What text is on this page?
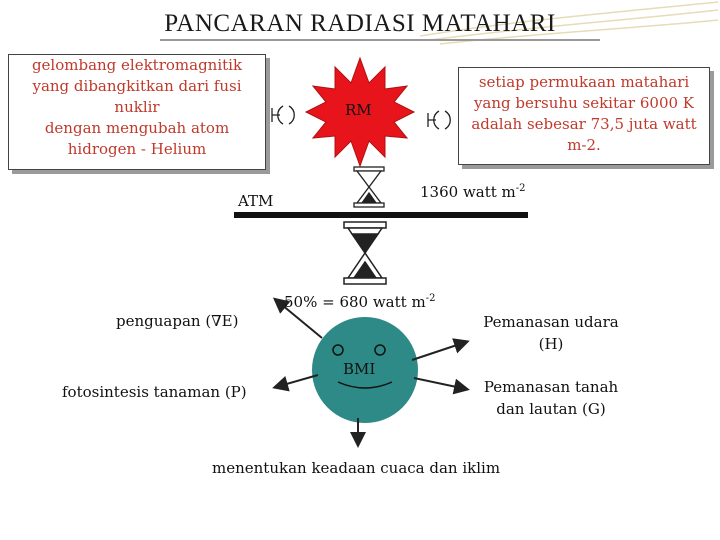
PANCARAN RADIASI MATAHARI
gelombang elektromagnitik
yang dibangkitkan dari fusi
nuklir
dengan mengubah atom
hidrogen - Helium
setiap permukaan matahari
yang bersuhu sekitar 6000 K
adalah sebesar 73,5 juta watt
m-2.
RM
ATM	1360 watt $m^{-2}$
50% = 680 watt $m^{-2}$
BMI
penguapan (∇E)
fotosintesis tanaman (P)
Pemanasan udara
(H)
Pemanasan tanah
dan lautan (G)
menentukan keadaan cuaca dan iklim
